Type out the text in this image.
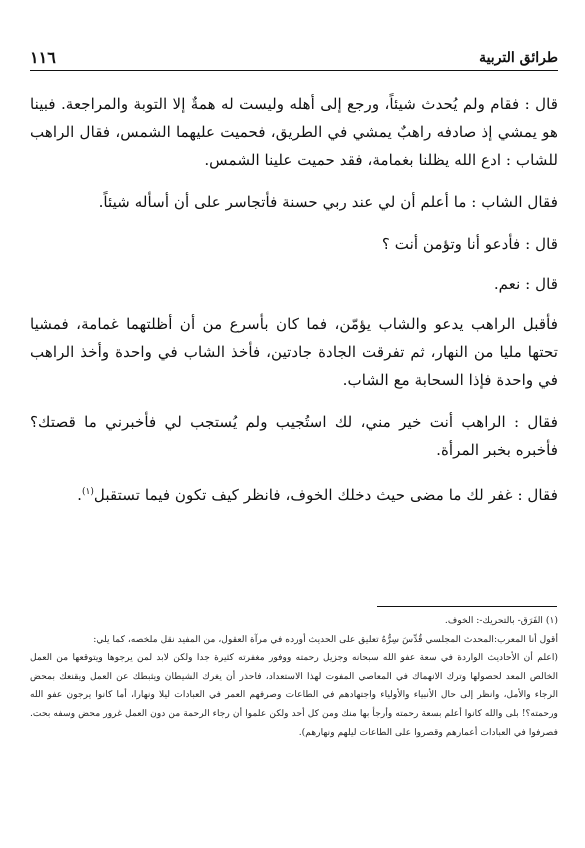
طرائق التربية
١١٦

قال : فقام ولم يُحدث شيئاً، ورجع إلى أهله وليست له همةٌ إلا التوبة والمراجعة. فبينا هو يمشي إذ صادفه راهبٌ يمشي في الطريق، فحميت عليهما الشمس، فقال الراهب للشاب : ادع الله يظلنا بغمامة، فقد حميت علينا الشمس.

فقال الشاب : ما أعلم أن لي عند ربي حسنة فأتجاسر على أن أسأله شيئاً.

قال : فأدعو أنا وتؤمن أنت ؟

قال : نعم.

فأقبل الراهب يدعو والشاب يؤمّن، فما كان بأسرع من أن أظلتهما غمامة، فمشيا تحتها مليا من النهار، ثم تفرقت الجادة جادتين، فأخذ الشاب في واحدة وأخذ الراهب في واحدة فإذا السحابة مع الشاب.

فقال : الراهب أنت خير مني، لك استُجيب ولم يُستجب لي فأخبرني ما قصتك؟ فأخبره بخبر المرأة.

فقال : غفر لك ما مضى حيث دخلك الخوف، فانظر كيف تكون فيما تستقبل$^{(١)}$.

(١) الفَرَق- بالتحريك-: الخوف.

أقول أنا المعرب:المحدث المجلسي قُدِّسَ سِرُّهُ تعليق على الحديث أورده في مرآة العقول، من المفيد نقل ملخصه، كما يلي:

(اعلم أن الأحاديث الواردة في سعة عفو الله سبحانه وجزيل رحمته ووفور مغفرته كثيرة جدا ولكن لابد لمن يرجوها ويتوقعها من العمل الخالص المعد لحصولها وترك الانهماك في المعاصي المفوت لهذا الاستعداد، فاحذر أن يغرك الشيطان ويثبطك عن العمل ويقنعك بمحض الرجاء والأمل، وانظر إلى حال الأنبياء والأولياء واجتهادهم في الطاعات وصرفهم العمر في العبادات ليلا ونهارا، أما كانوا يرجون عفو الله ورحمته؟! بلى والله كانوا أعلم بسعة رحمته وأرجأ بها منك ومن كل أحد ولكن علموا أن رجاء الرحمة من دون العمل غرور محض وسفه بحت. فصرفوا في العبادات أعمارهم وقصروا على الطاعات ليلهم ونهارهم).
